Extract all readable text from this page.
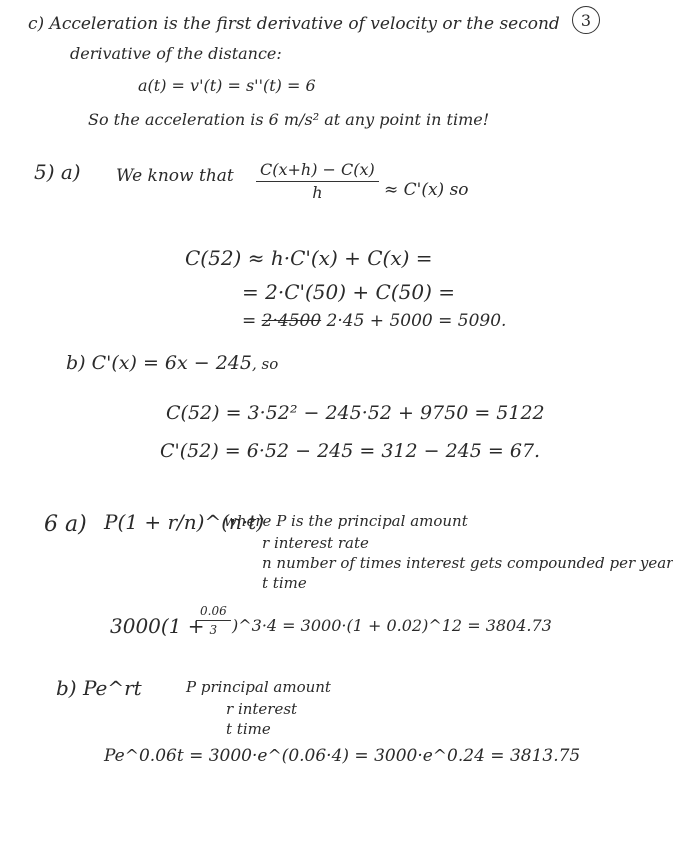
3
c) Acceleration is the first derivative of velocity or the second
derivative of the distance:
a(t) = v'(t) = s''(t) = 6
So the acceleration is 6 m/s² at any point in time!
5) a) We know that $\frac{C(x+h) - C(x)}{h} \approx C'(x)$ so
C(52) ≈ h·C'(x) + C(x) =
= 2·C'(50) + C(50) =
= 2·4500 2·45 + 5000 = 5090.
b) C'(x) = 6x − 245, so
C(52) = 3·52² − 245·52 + 9750 = 5122
C'(52) = 6·52 − 245 = 312 − 245 = 67.
6 a) P(1 + r/n)^(n·t)
where P is the principal amount
r interest rate
n number of times interest gets compounded per year
t time
3000(1 +
$\frac{0.06}{3}$ )^3·4 = 3000·(1 + 0.02)^12 = 3804.73
b) Pe^rt	P principal amount
r interest
t time
Pe^0.06t = 3000·e^(0.06·4) = 3000·e^0.24 = 3813.75
